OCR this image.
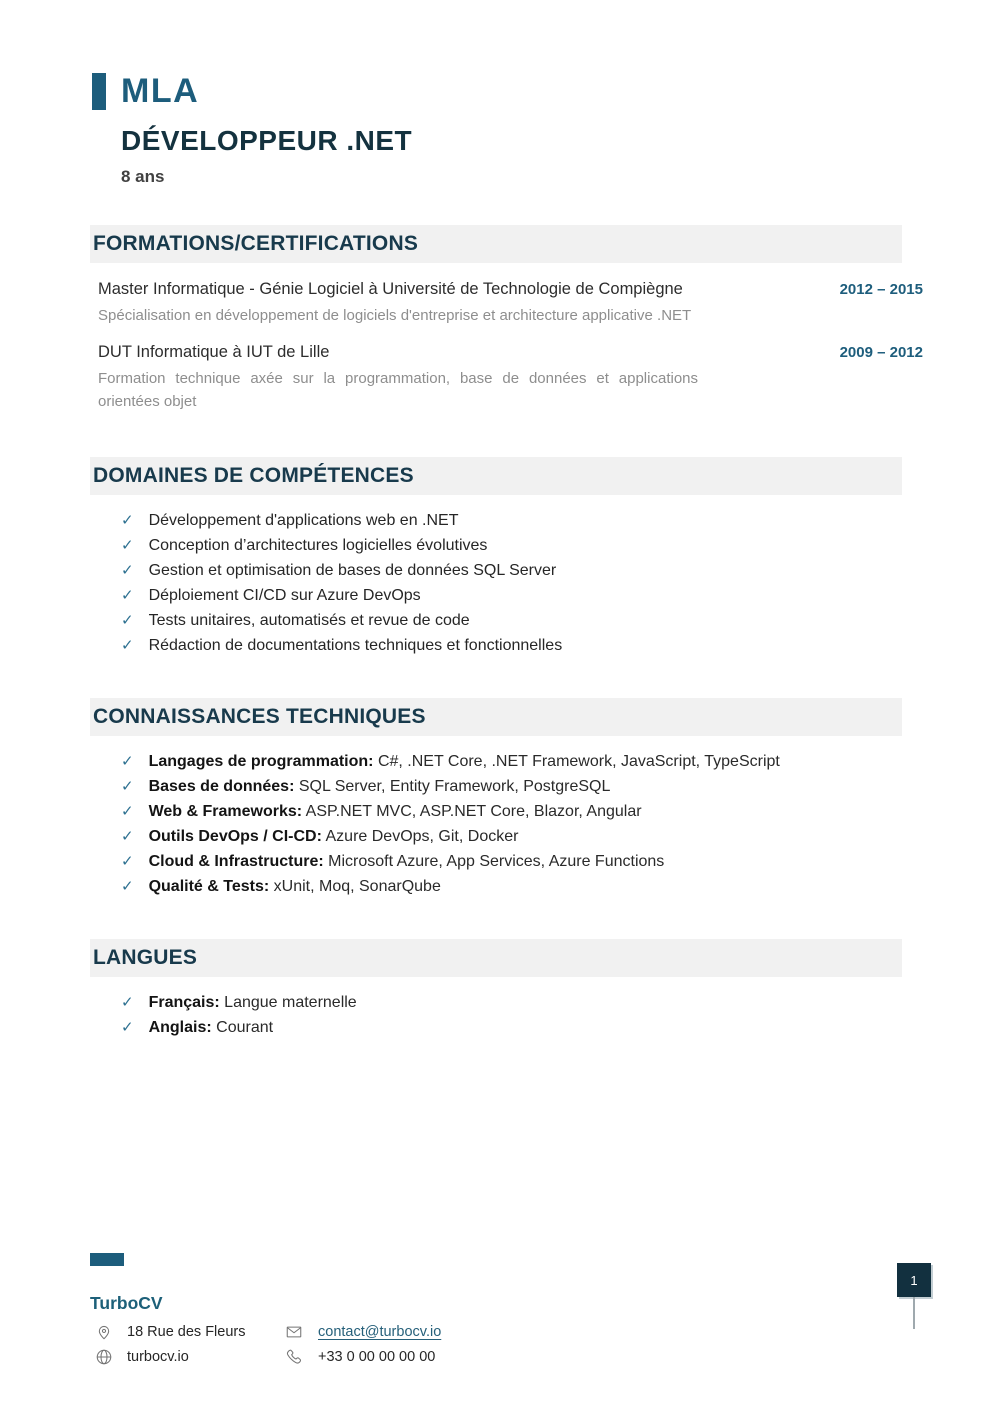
MLA
DÉVELOPPEUR .NET
8 ans
FORMATIONS/CERTIFICATIONS
Master Informatique - Génie Logiciel à Université de Technologie de Compiègne	2012 – 2015
Spécialisation en développement de logiciels d'entreprise et architecture applicative .NET
DUT Informatique à IUT de Lille	2009 – 2012
Formation technique axée sur la programmation, base de données et applications orientées objet
DOMAINES DE COMPÉTENCES
✓ Développement d'applications web en .NET
✓ Conception d’architectures logicielles évolutives
✓ Gestion et optimisation de bases de données SQL Server
✓ Déploiement CI/CD sur Azure DevOps
✓ Tests unitaires, automatisés et revue de code
✓ Rédaction de documentations techniques et fonctionnelles
CONNAISSANCES TECHNIQUES
✓ Langages de programmation: C#, .NET Core, .NET Framework, JavaScript, TypeScript
✓ Bases de données: SQL Server, Entity Framework, PostgreSQL
✓ Web & Frameworks: ASP.NET MVC, ASP.NET Core, Blazor, Angular
✓ Outils DevOps / CI-CD: Azure DevOps, Git, Docker
✓ Cloud & Infrastructure: Microsoft Azure, App Services, Azure Functions
✓ Qualité & Tests: xUnit, Moq, SonarQube
LANGUES
✓ Français: Langue maternelle
✓ Anglais: Courant
TurboCV
18 Rue des Fleurs	contact@turbocv.io
turbocv.io	+33 0 00 00 00 00
1
